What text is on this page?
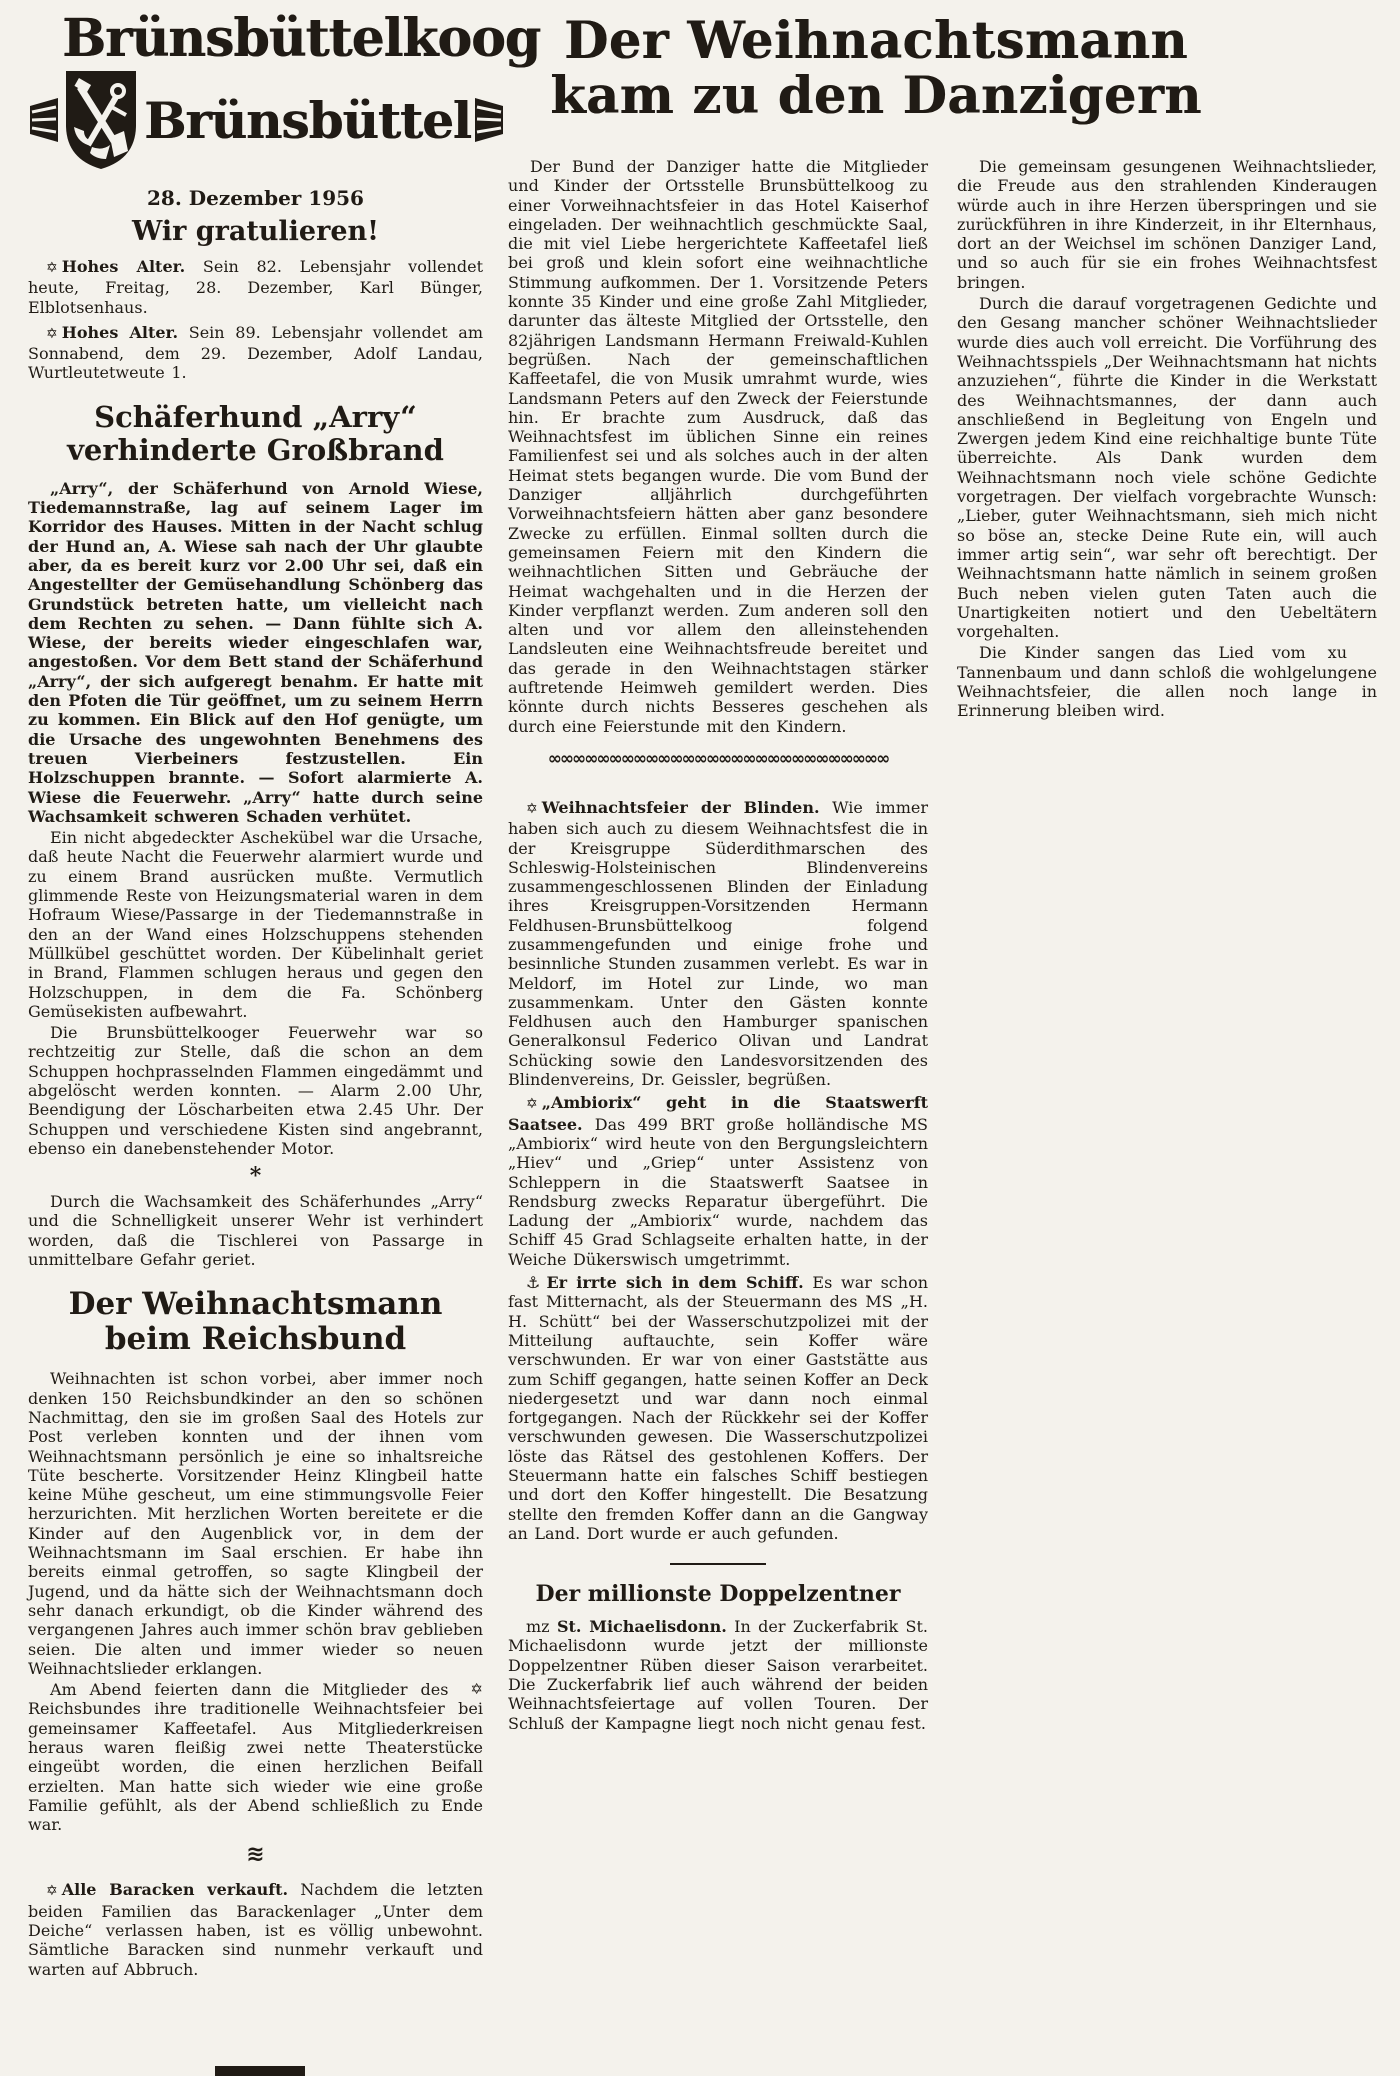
Brünsbüttelkoog
Brünsbüttel
28. Dezember 1956
Wir gratulieren!

✡ Hohes Alter. Sein 82. Lebensjahr vollendet heute, Freitag, 28. Dezember, Karl Bünger, Elblotsenhaus.

✡ Hohes Alter. Sein 89. Lebensjahr vollendet am Sonnabend, dem 29. Dezember, Adolf Landau, Wurtleutetweute 1.

Schäferhund „Arry“
verhinderte Großbrand

„Arry“, der Schäferhund von Arnold Wiese, Tiedemannstraße, lag auf seinem Lager im Korridor des Hauses. Mitten in der Nacht schlug der Hund an, A. Wiese sah nach der Uhr glaubte aber, da es bereit kurz vor 2.00 Uhr sei, daß ein Angestellter der Gemüsehandlung Schönberg das Grundstück betreten hatte, um vielleicht nach dem Rechten zu sehen. — Dann fühlte sich A. Wiese, der bereits wieder eingeschlafen war, angestoßen. Vor dem Bett stand der Schäferhund „Arry“, der sich aufgeregt benahm. Er hatte mit den Pfoten die Tür geöffnet, um zu seinem Herrn zu kommen. Ein Blick auf den Hof genügte, um die Ursache des ungewohnten Benehmens des treuen Vierbeiners festzustellen. Ein Holzschuppen brannte. — Sofort alarmierte A. Wiese die Feuerwehr. „Arry“ hatte durch seine Wachsamkeit schweren Schaden verhütet.

Ein nicht abgedeckter Aschekübel war die Ursache, daß heute Nacht die Feuerwehr alarmiert wurde und zu einem Brand ausrücken mußte. Vermutlich glimmende Reste von Heizungsmaterial waren in dem Hofraum Wiese/Passarge in der Tiedemannstraße in den an der Wand eines Holzschuppens stehenden Müllkübel geschüttet worden. Der Kübelinhalt geriet in Brand, Flammen schlugen heraus und gegen den Holzschuppen, in dem die Fa. Schönberg Gemüsekisten aufbewahrt.

Die Brunsbüttelkooger Feuerwehr war so rechtzeitig zur Stelle, daß die schon an dem Schuppen hochprasselnden Flammen eingedämmt und abgelöscht werden konnten. — Alarm 2.00 Uhr, Beendigung der Löscharbeiten etwa 2.45 Uhr. Der Schuppen und verschiedene Kisten sind angebrannt, ebenso ein danebenstehender Motor.

*

Durch die Wachsamkeit des Schäferhundes „Arry“ und die Schnelligkeit unserer Wehr ist verhindert worden, daß die Tischlerei von Passarge in unmittelbare Gefahr geriet.

Der Weihnachtsmann
beim Reichsbund

Weihnachten ist schon vorbei, aber immer noch denken 150 Reichsbundkinder an den so schönen Nachmittag, den sie im großen Saal des Hotels zur Post verleben konnten und der ihnen vom Weihnachtsmann persönlich je eine so inhaltsreiche Tüte bescherte. Vorsitzender Heinz Klingbeil hatte keine Mühe gescheut, um eine stimmungsvolle Feier herzurichten. Mit herzlichen Worten bereitete er die Kinder auf den Augenblick vor, in dem der Weihnachtsmann im Saal erschien. Er habe ihn bereits einmal getroffen, so sagte Klingbeil der Jugend, und da hätte sich der Weihnachtsmann doch sehr danach erkundigt, ob die Kinder während des vergangenen Jahres auch immer schön brav geblieben seien. Die alten und immer wieder so neuen Weihnachtslieder erklangen.

✡
Am Abend feierten dann die Mitglieder des Reichsbundes ihre traditionelle Weihnachtsfeier bei gemeinsamer Kaffeetafel. Aus Mitgliederkreisen heraus waren fleißig zwei nette Theaterstücke eingeübt worden, die einen herzlichen Beifall erzielten. Man hatte sich wieder wie eine große Familie gefühlt, als der Abend schließlich zu Ende war.

≋

✡ Alle Baracken verkauft. Nachdem die letzten beiden Familien das Barackenlager „Unter dem Deiche“ verlassen haben, ist es völlig unbewohnt. Sämtliche Baracken sind nunmehr verkauft und warten auf Abbruch.

Der Weihnachtsmann
kam zu den Danzigern

Der Bund der Danziger hatte die Mitglieder und Kinder der Ortsstelle Brunsbüttelkoog zu einer Vorweihnachtsfeier in das Hotel Kaiserhof eingeladen. Der weihnachtlich geschmückte Saal, die mit viel Liebe hergerichtete Kaffeetafel ließ bei groß und klein sofort eine weihnachtliche Stimmung aufkommen. Der 1. Vorsitzende Peters konnte 35 Kinder und eine große Zahl Mitglieder, darunter das älteste Mitglied der Ortsstelle, den 82jährigen Landsmann Hermann Freiwald-Kuhlen begrüßen. Nach der gemeinschaftlichen Kaffeetafel, die von Musik umrahmt wurde, wies Landsmann Peters auf den Zweck der Feierstunde hin. Er brachte zum Ausdruck, daß das Weihnachtsfest im üblichen Sinne ein reines Familienfest sei und als solches auch in der alten Heimat stets begangen wurde. Die vom Bund der Danziger alljährlich durchgeführten Vorweihnachtsfeiern hätten aber ganz besondere Zwecke zu erfüllen. Einmal sollten durch die gemeinsamen Feiern mit den Kindern die weihnachtlichen Sitten und Gebräuche der Heimat wachgehalten und in die Herzen der Kinder verpflanzt werden. Zum anderen soll den alten und vor allem den alleinstehenden Landsleuten eine Weihnachtsfreude bereitet und das gerade in den Weihnachtstagen stärker auftretende Heimweh gemildert werden. Dies könnte durch nichts Besseres geschehen als durch eine Feierstunde mit den Kindern.

∞∞∞∞∞∞∞∞∞∞∞∞∞∞∞∞∞∞∞∞∞∞∞∞∞∞∞∞

✡ Weihnachtsfeier der Blinden. Wie immer haben sich auch zu diesem Weihnachtsfest die in der Kreisgruppe Süderdithmarschen des Schleswig-Holsteinischen Blindenvereins zusammengeschlossenen Blinden der Einladung ihres Kreisgruppen-Vorsitzenden Hermann Feldhusen-Brunsbüttelkoog folgend zusammengefunden und einige frohe und besinnliche Stunden zusammen verlebt. Es war in Meldorf, im Hotel zur Linde, wo man zusammenkam. Unter den Gästen konnte Feldhusen auch den Hamburger spanischen Generalkonsul Federico Olivan und Landrat Schücking sowie den Landesvorsitzenden des Blindenvereins, Dr. Geissler, begrüßen.

✡ „Ambiorix“ geht in die Staatswerft Saatsee. Das 499 BRT große holländische MS „Ambiorix“ wird heute von den Bergungsleichtern „Hiev“ und „Griep“ unter Assistenz von Schleppern in die Staatswerft Saatsee in Rendsburg zwecks Reparatur übergeführt. Die Ladung der „Ambiorix“ wurde, nachdem das Schiff 45 Grad Schlagseite erhalten hatte, in der Weiche Dükerswisch umgetrimmt.

⚓ Er irrte sich in dem Schiff. Es war schon fast Mitternacht, als der Steuermann des MS „H. H. Schütt“ bei der Wasserschutzpolizei mit der Mitteilung auftauchte, sein Koffer wäre verschwunden. Er war von einer Gaststätte aus zum Schiff gegangen, hatte seinen Koffer an Deck niedergesetzt und war dann noch einmal fortgegangen. Nach der Rückkehr sei der Koffer verschwunden gewesen. Die Wasserschutzpolizei löste das Rätsel des gestohlenen Koffers. Der Steuermann hatte ein falsches Schiff bestiegen und dort den Koffer hingestellt. Die Besatzung stellte den fremden Koffer dann an die Gangway an Land. Dort wurde er auch gefunden.

Der millionste Doppelzentner

mz St. Michaelisdonn. In der Zuckerfabrik St. Michaelisdonn wurde jetzt der millionste Doppelzentner Rüben dieser Saison verarbeitet. Die Zuckerfabrik lief auch während der beiden Weihnachtsfeiertage auf vollen Touren. Der Schluß der Kampagne liegt noch nicht genau fest.

Die gemeinsam gesungenen Weihnachtslieder, die Freude aus den strahlenden Kinderaugen würde auch in ihre Herzen überspringen und sie zurückführen in ihre Kinderzeit, in ihr Elternhaus, dort an der Weichsel im schönen Danziger Land, und so auch für sie ein frohes Weihnachtsfest bringen.

Durch die darauf vorgetragenen Gedichte und den Gesang mancher schöner Weihnachtslieder wurde dies auch voll erreicht. Die Vorführung des Weihnachtsspiels „Der Weihnachtsmann hat nichts anzuziehen“, führte die Kinder in die Werkstatt des Weihnachtsmannes, der dann auch anschließend in Begleitung von Engeln und Zwergen jedem Kind eine reichhaltige bunte Tüte überreichte. Als Dank wurden dem Weihnachtsmann noch viele schöne Gedichte vorgetragen. Der vielfach vorgebrachte Wunsch: „Lieber, guter Weihnachtsmann, sieh mich nicht so böse an, stecke Deine Rute ein, will auch immer artig sein“, war sehr oft berechtigt. Der Weihnachtsmann hatte nämlich in seinem großen Buch neben vielen guten Taten auch die Unartigkeiten notiert und den Uebeltätern vorgehalten.

xu
Die Kinder sangen das Lied vom Tannenbaum und dann schloß die wohlgelungene Weihnachtsfeier, die allen noch lange in Erinnerung bleiben wird.
